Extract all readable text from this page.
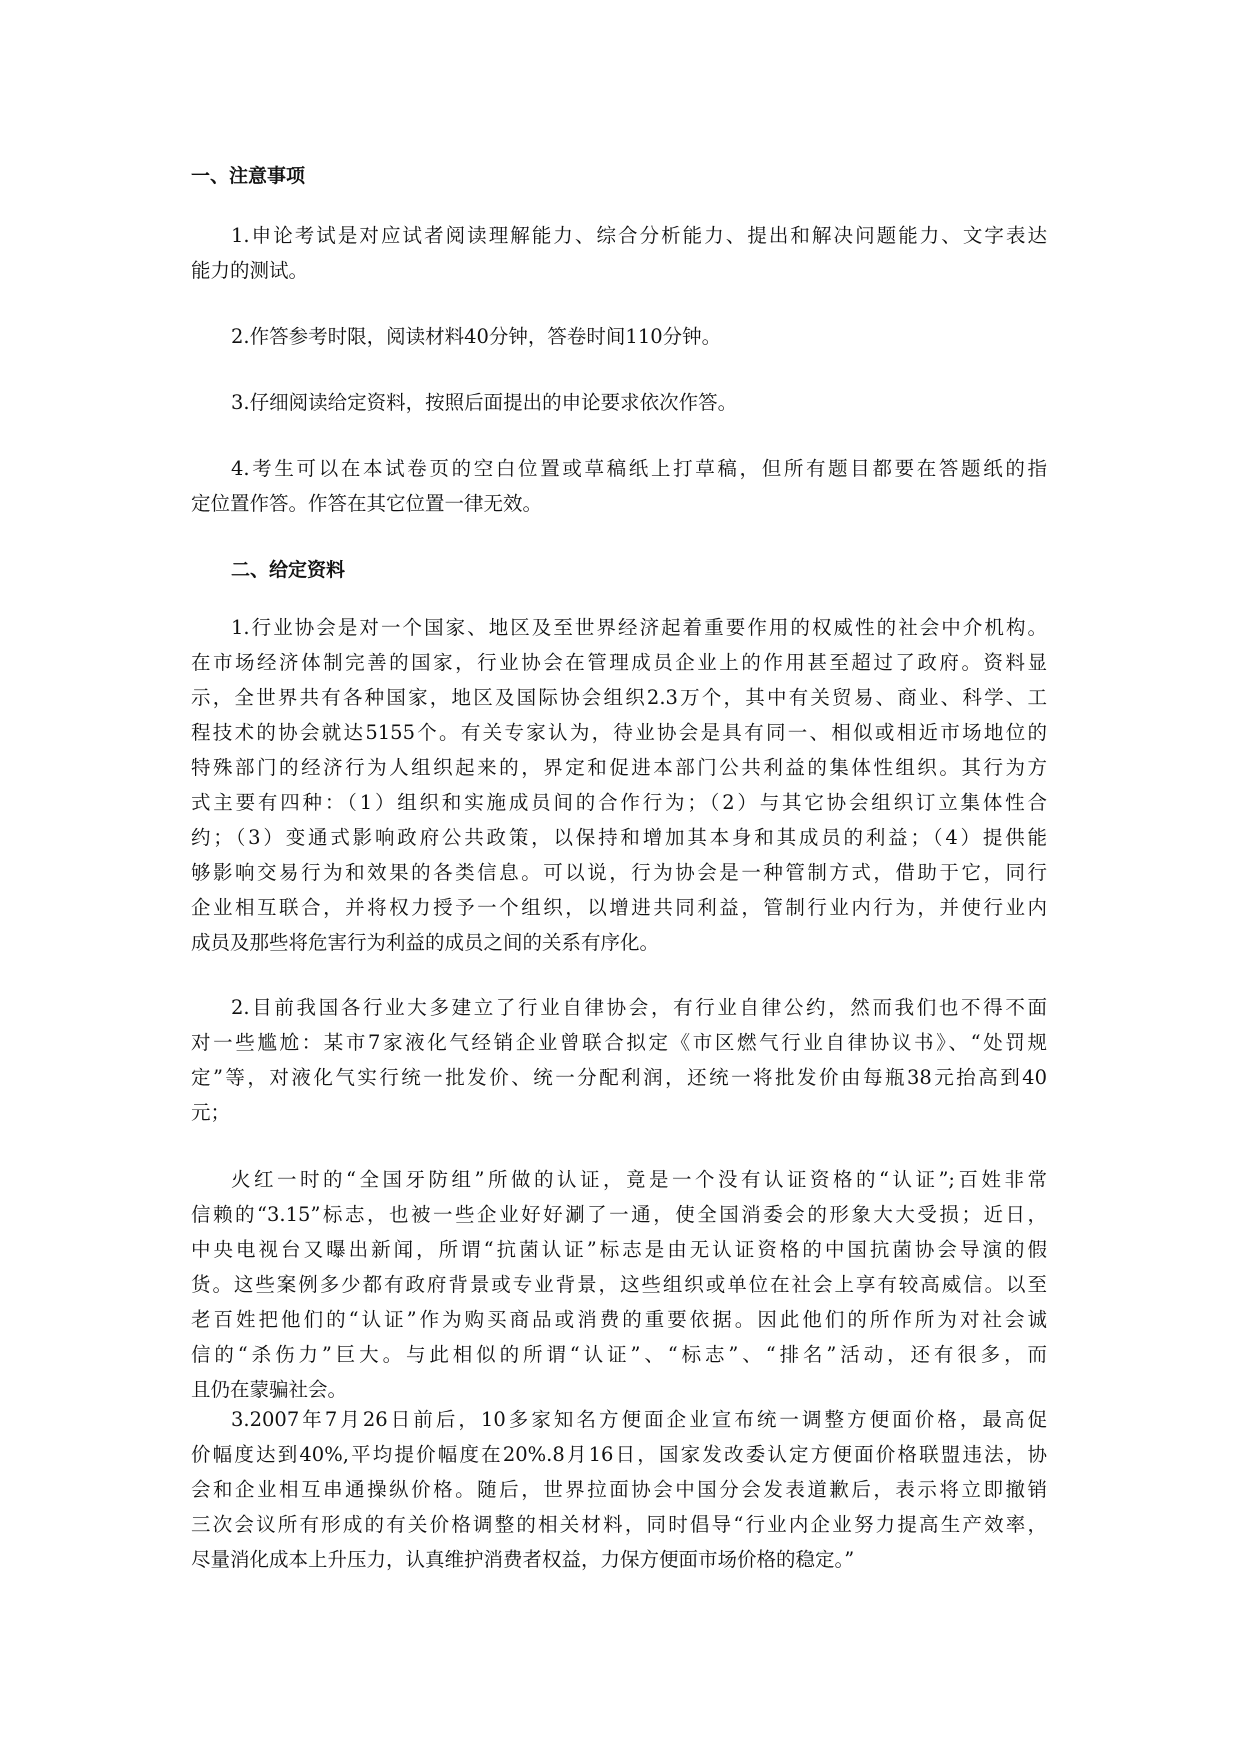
一、注意事项
1.申论考试是对应试者阅读理解能力、综合分析能力、提出和解决问题能力、文字表达
能力的测试。
2.作答参考时限，阅读材料40分钟，答卷时间110分钟。
3.仔细阅读给定资料，按照后面提出的申论要求依次作答。
4.考生可以在本试卷页的空白位置或草稿纸上打草稿，但所有题目都要在答题纸的指
定位置作答。作答在其它位置一律无效。
二、给定资料
1.行业协会是对一个国家、地区及至世界经济起着重要作用的权威性的社会中介机构。
在市场经济体制完善的国家，行业协会在管理成员企业上的作用甚至超过了政府。资料显
示，全世界共有各种国家，地区及国际协会组织2.3万个，其中有关贸易、商业、科学、工
程技术的协会就达5155个。有关专家认为，待业协会是具有同一、相似或相近市场地位的
特殊部门的经济行为人组织起来的，界定和促进本部门公共利益的集体性组织。其行为方
式主要有四种：（1）组织和实施成员间的合作行为；（2）与其它协会组织订立集体性合
约；（3）变通式影响政府公共政策，以保持和增加其本身和其成员的利益；（4）提供能
够影响交易行为和效果的各类信息。可以说，行为协会是一种管制方式，借助于它，同行
企业相互联合，并将权力授予一个组织，以增进共同利益，管制行业内行为，并使行业内
成员及那些将危害行为利益的成员之间的关系有序化。
2.目前我国各行业大多建立了行业自律协会，有行业自律公约，然而我们也不得不面
对一些尴尬：某市7家液化气经销企业曾联合拟定《市区燃气行业自律协议书》、“处罚规
定”等，对液化气实行统一批发价、统一分配利润，还统一将批发价由每瓶38元抬高到40
元；
火红一时的“全国牙防组”所做的认证，竟是一个没有认证资格的“认证”;百姓非常
信赖的“3.15”标志，也被一些企业好好涮了一通，使全国消委会的形象大大受损；近日，
中央电视台又曝出新闻，所谓“抗菌认证”标志是由无认证资格的中国抗菌协会导演的假
货。这些案例多少都有政府背景或专业背景，这些组织或单位在社会上享有较高威信。以至
老百姓把他们的“认证”作为购买商品或消费的重要依据。因此他们的所作所为对社会诚
信的“杀伤力”巨大。与此相似的所谓“认证”、“标志”、“排名”活动，还有很多，而
且仍在蒙骗社会。
3.2007年7月26日前后，10多家知名方便面企业宣布统一调整方便面价格，最高促
价幅度达到40%,平均提价幅度在20%.8月16日，国家发改委认定方便面价格联盟违法，协
会和企业相互串通操纵价格。随后，世界拉面协会中国分会发表道歉后，表示将立即撤销
三次会议所有形成的有关价格调整的相关材料，同时倡导“行业内企业努力提高生产效率，
尽量消化成本上升压力，认真维护消费者权益，力保方便面市场价格的稳定。”
